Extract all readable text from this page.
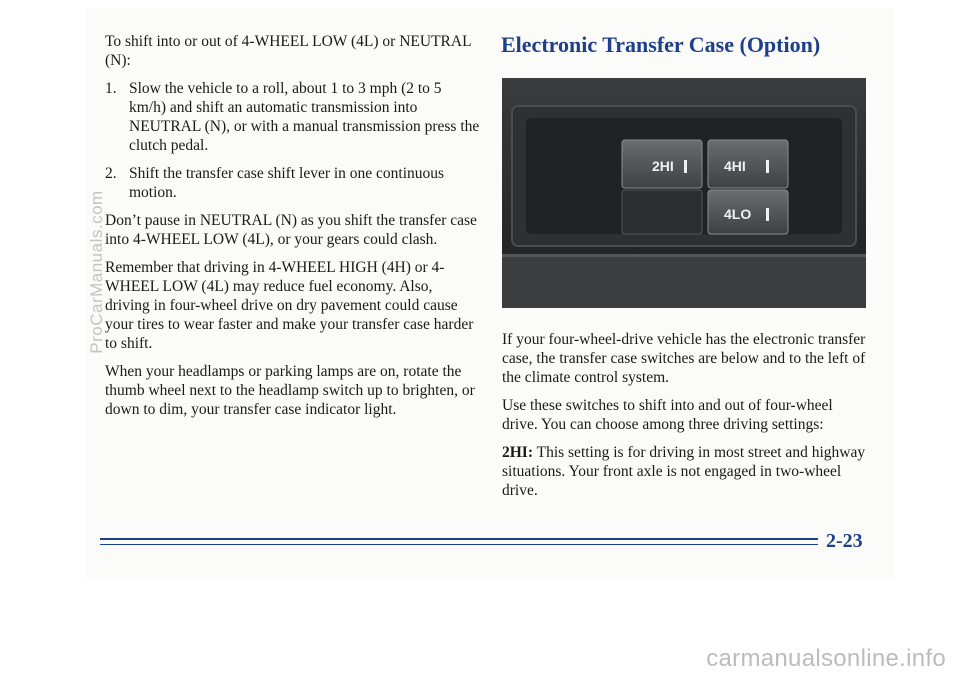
To shift into or out of 4-WHEEL LOW (4L) or NEUTRAL (N):

1. Slow the vehicle to a roll, about 1 to 3 mph (2 to 5 km/h) and shift an automatic transmission into NEUTRAL (N), or with a manual transmission press the clutch pedal.
2. Shift the transfer case shift lever in one continuous motion.

Don’t pause in NEUTRAL (N) as you shift the transfer case into 4-WHEEL LOW (4L), or your gears could clash.

Remember that driving in 4-WHEEL HIGH (4H) or 4-WHEEL LOW (4L) may reduce fuel economy. Also, driving in four-wheel drive on dry pavement could cause your tires to wear faster and make your transfer case harder to shift.

When your headlamps or parking lamps are on, rotate the thumb wheel next to the headlamp switch up to brighten, or down to dim, your transfer case indicator light.

Electronic Transfer Case (Option)
2HI	4HI
4LO

If your four-wheel-drive vehicle has the electronic transfer case, the transfer case switches are below and to the left of the climate control system.

Use these switches to shift into and out of four-wheel drive. You can choose among three driving settings:

2HI: This setting is for driving in most street and highway situations. Your front axle is not engaged in two-wheel drive.

2-23
ProCarManuals.com
carmanualsonline.info
